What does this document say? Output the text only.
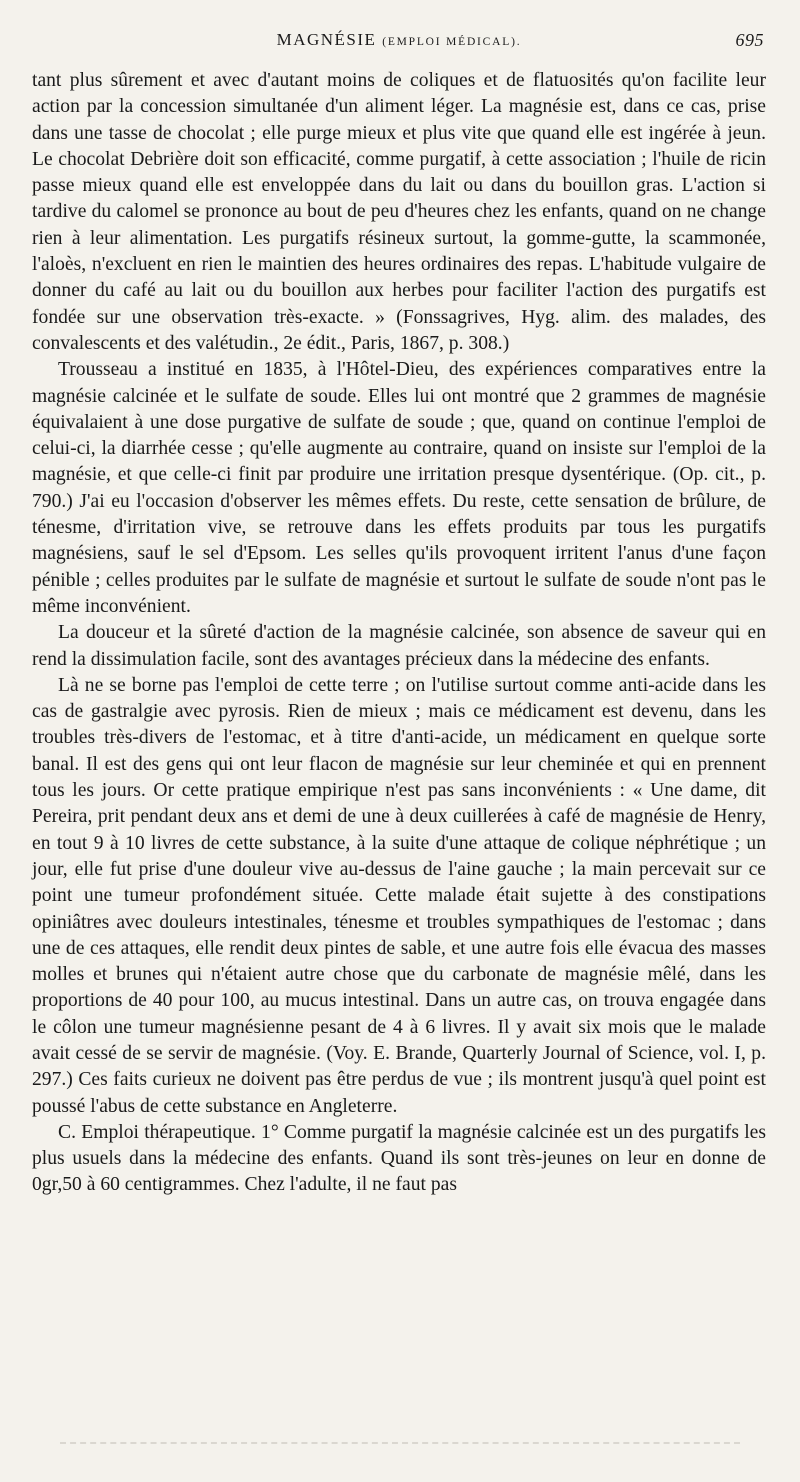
MAGNÉSIE (EMPLOI MÉDICAL).	695

tant plus sûrement et avec d'autant moins de coliques et de flatuosités qu'on facilite leur action par la concession simultanée d'un aliment léger. La magnésie est, dans ce cas, prise dans une tasse de chocolat ; elle purge mieux et plus vite que quand elle est ingérée à jeun. Le chocolat Debrière doit son efficacité, comme purgatif, à cette association ; l'huile de ricin passe mieux quand elle est enveloppée dans du lait ou dans du bouillon gras. L'action si tardive du calomel se prononce au bout de peu d'heures chez les enfants, quand on ne change rien à leur alimentation. Les purgatifs résineux surtout, la gomme-gutte, la scammonée, l'aloès, n'excluent en rien le maintien des heures ordinaires des repas. L'habitude vulgaire de donner du café au lait ou du bouillon aux herbes pour faciliter l'action des purgatifs est fondée sur une observation très-exacte. » (Fonssagrives, Hyg. alim. des malades, des convalescents et des valétudin., 2e édit., Paris, 1867, p. 308.)

Trousseau a institué en 1835, à l'Hôtel-Dieu, des expériences comparatives entre la magnésie calcinée et le sulfate de soude. Elles lui ont montré que 2 grammes de magnésie équivalaient à une dose purgative de sulfate de soude ; que, quand on continue l'emploi de celui-ci, la diarrhée cesse ; qu'elle augmente au contraire, quand on insiste sur l'emploi de la magnésie, et que celle-ci finit par produire une irritation presque dysentérique. (Op. cit., p. 790.) J'ai eu l'occasion d'observer les mêmes effets. Du reste, cette sensation de brûlure, de ténesme, d'irritation vive, se retrouve dans les effets produits par tous les purgatifs magnésiens, sauf le sel d'Epsom. Les selles qu'ils provoquent irritent l'anus d'une façon pénible ; celles produites par le sulfate de magnésie et surtout le sulfate de soude n'ont pas le même inconvénient.

La douceur et la sûreté d'action de la magnésie calcinée, son absence de saveur qui en rend la dissimulation facile, sont des avantages précieux dans la médecine des enfants.

Là ne se borne pas l'emploi de cette terre ; on l'utilise surtout comme anti-acide dans les cas de gastralgie avec pyrosis. Rien de mieux ; mais ce médicament est devenu, dans les troubles très-divers de l'estomac, et à titre d'anti-acide, un médicament en quelque sorte banal. Il est des gens qui ont leur flacon de magnésie sur leur cheminée et qui en prennent tous les jours. Or cette pratique empirique n'est pas sans inconvénients : « Une dame, dit Pereira, prit pendant deux ans et demi de une à deux cuillerées à café de magnésie de Henry, en tout 9 à 10 livres de cette substance, à la suite d'une attaque de colique néphrétique ; un jour, elle fut prise d'une douleur vive au-dessus de l'aine gauche ; la main percevait sur ce point une tumeur profondément située. Cette malade était sujette à des constipations opiniâtres avec douleurs intestinales, ténesme et troubles sympathiques de l'estomac ; dans une de ces attaques, elle rendit deux pintes de sable, et une autre fois elle évacua des masses molles et brunes qui n'étaient autre chose que du carbonate de magnésie mêlé, dans les proportions de 40 pour 100, au mucus intestinal. Dans un autre cas, on trouva engagée dans le côlon une tumeur magnésienne pesant de 4 à 6 livres. Il y avait six mois que le malade avait cessé de se servir de magnésie. (Voy. E. Brande, Quarterly Journal of Science, vol. I, p. 297.) Ces faits curieux ne doivent pas être perdus de vue ; ils montrent jusqu'à quel point est poussé l'abus de cette substance en Angleterre.

C. Emploi thérapeutique. 1° Comme purgatif la magnésie calcinée est un des purgatifs les plus usuels dans la médecine des enfants. Quand ils sont très-jeunes on leur en donne de 0gr,50 à 60 centigrammes. Chez l'adulte, il ne faut pas
